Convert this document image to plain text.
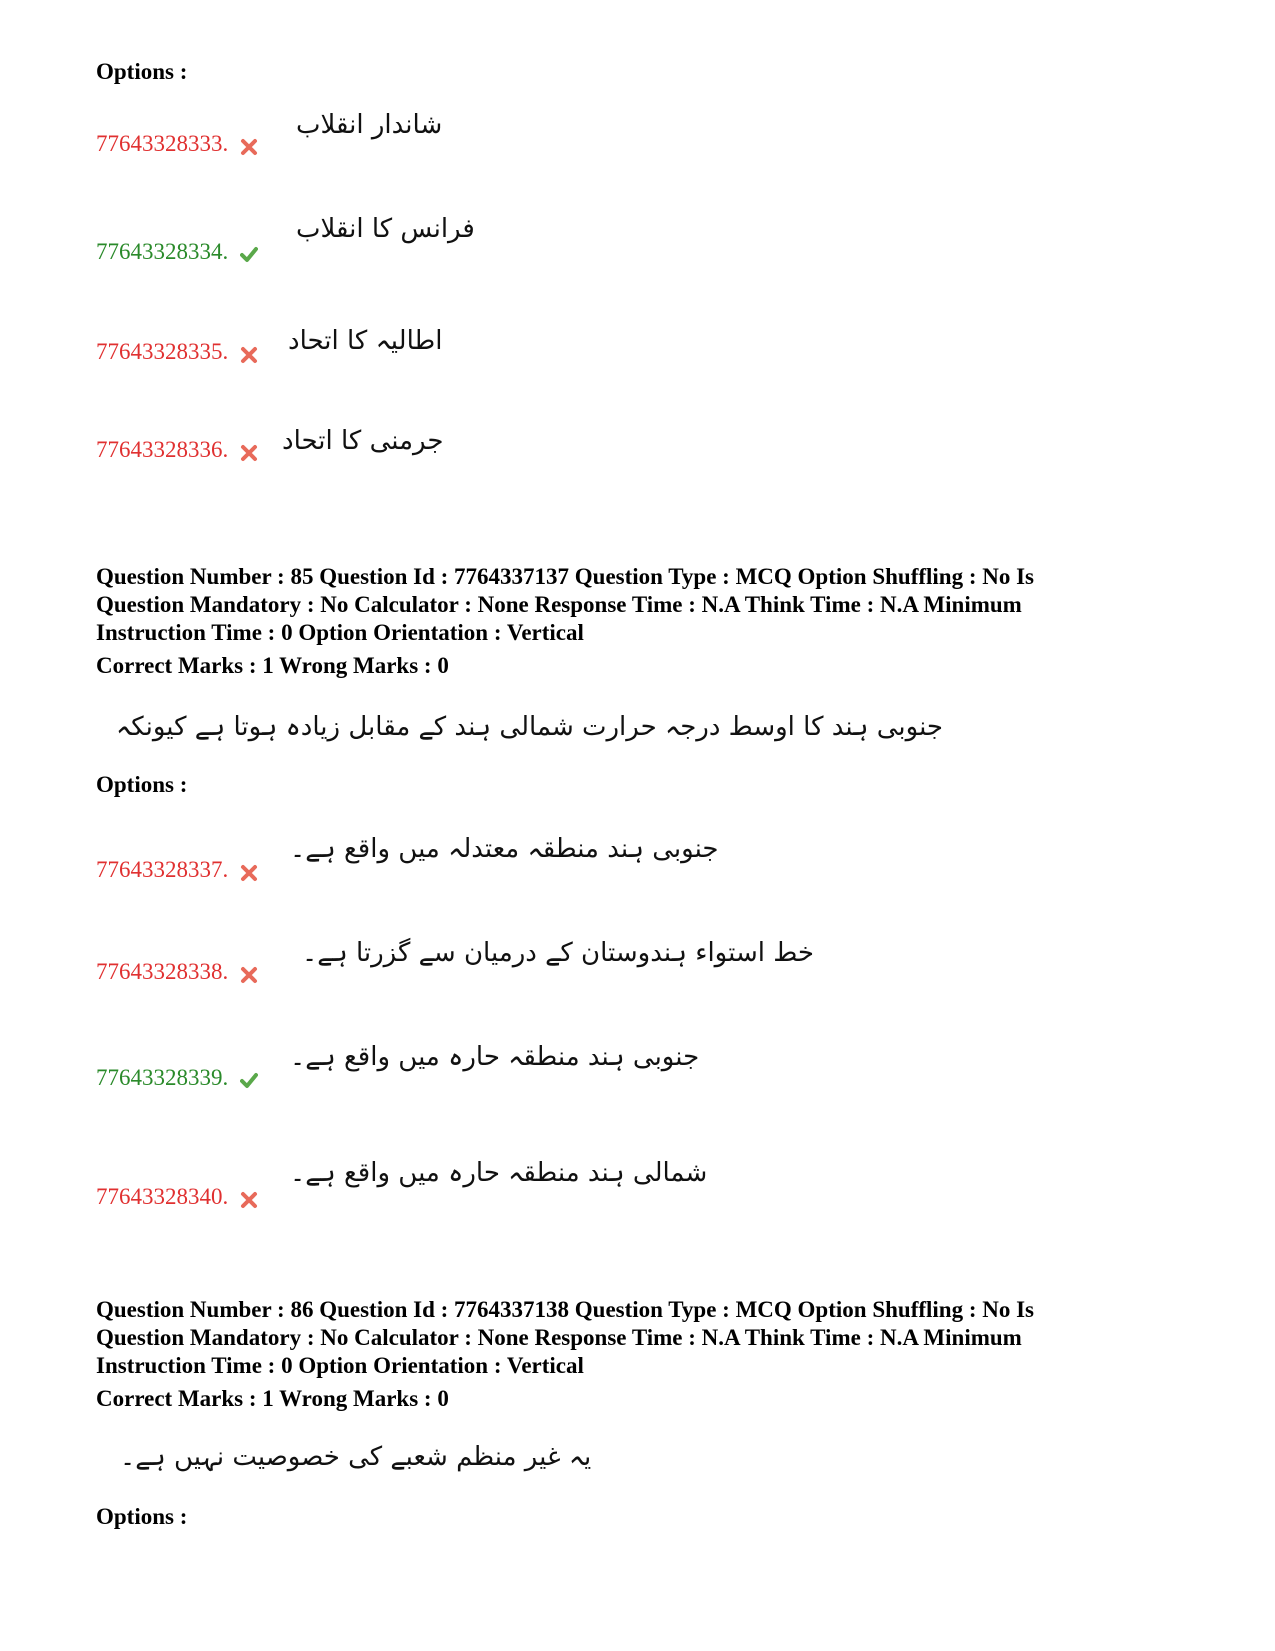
Options :
77643328333.
شاندار انقلاب
77643328334.
فرانس کا انقلاب
77643328335.	اطالیہ کا اتحاد
77643328336.	جرمنی کا اتحاد
Question Number : 85 Question Id : 7764337137 Question Type : MCQ Option Shuffling : No Is
Question Mandatory : No Calculator : None Response Time : N.A Think Time : N.A Minimum
Instruction Time : 0 Option Orientation : Vertical
Correct Marks : 1 Wrong Marks : 0
جنوبی ہند کا اوسط درجہ حرارت شمالی ہند کے مقابل زیادہ ہوتا ہے کیونکہ
Options :
77643328337.
جنوبی ہند منطقہ معتدلہ میں واقع ہے۔
77643328338.
خط استواء ہندوستان کے درمیان سے گزرتا ہے۔
77643328339.
جنوبی ہند منطقہ حارہ میں واقع ہے۔
77643328340.
شمالی ہند منطقہ حارہ میں واقع ہے۔
Question Number : 86 Question Id : 7764337138 Question Type : MCQ Option Shuffling : No Is
Question Mandatory : No Calculator : None Response Time : N.A Think Time : N.A Minimum
Instruction Time : 0 Option Orientation : Vertical
Correct Marks : 1 Wrong Marks : 0
یہ غیر منظم شعبے کی خصوصیت نہیں ہے۔
Options :
